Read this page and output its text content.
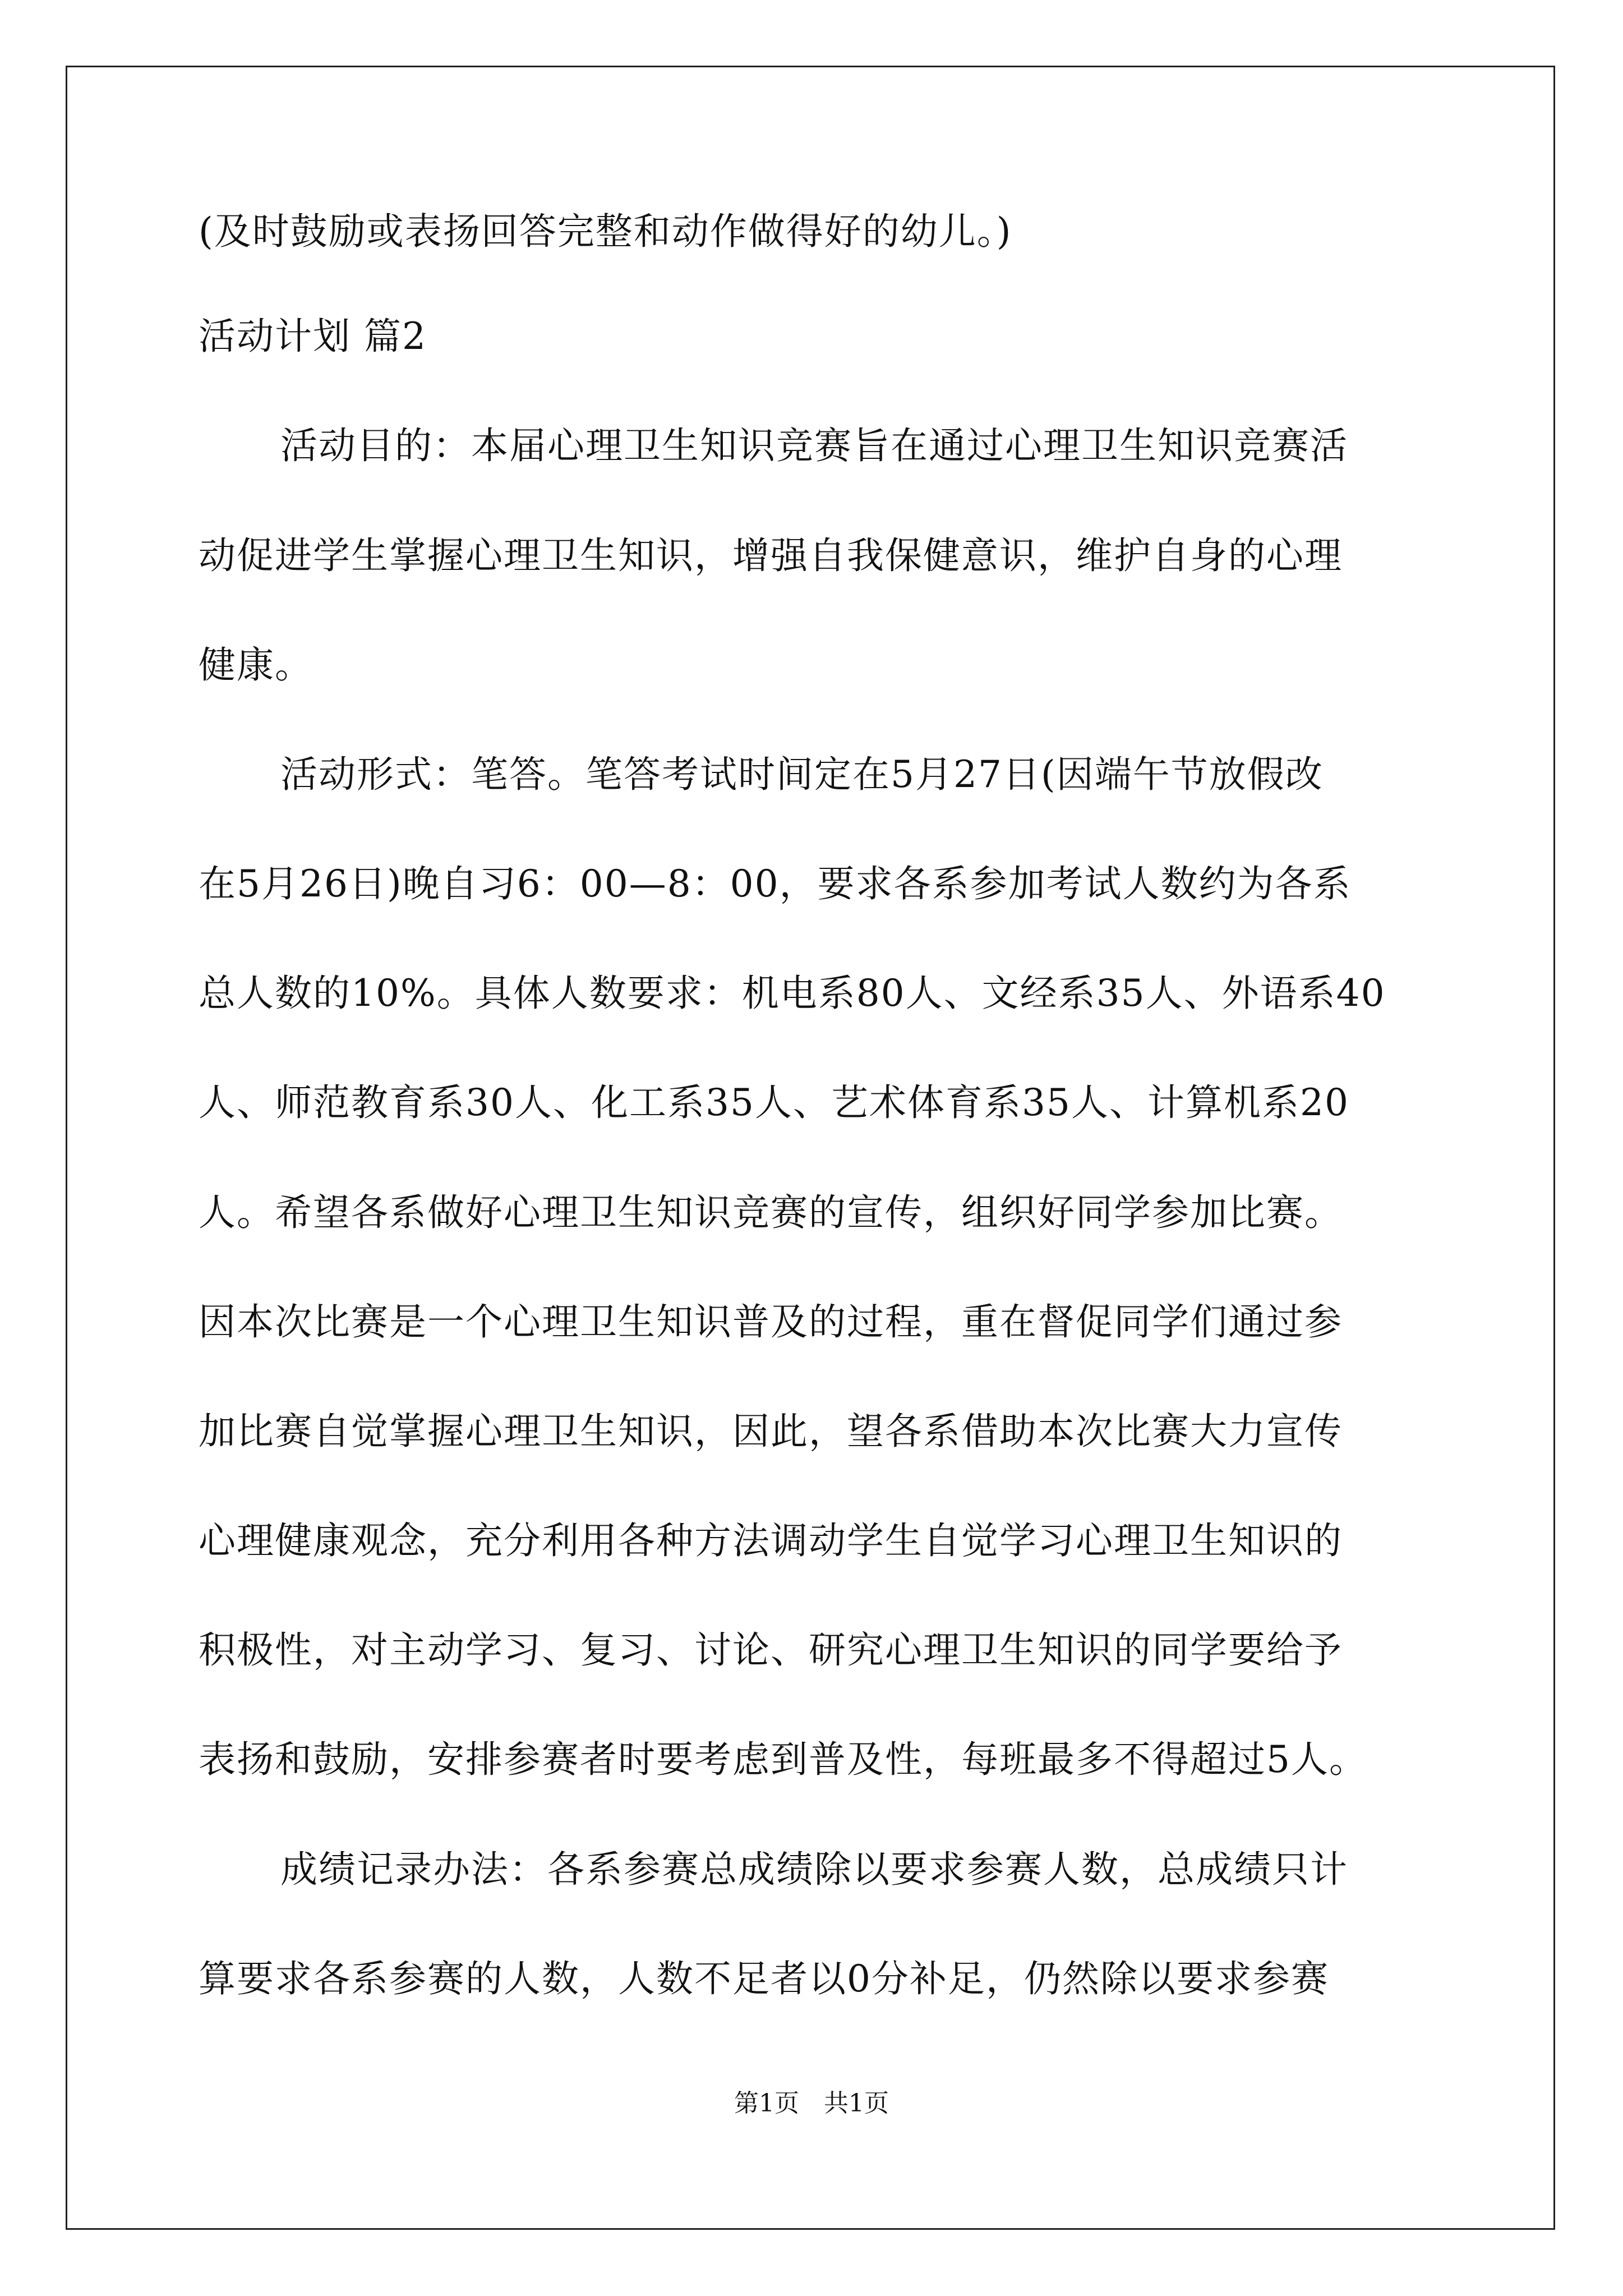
(及时鼓励或表扬回答完整和动作做得好的幼儿。)
活动计划 篇2
活动目的：本届心理卫生知识竞赛旨在通过心理卫生知识竞赛活
动促进学生掌握心理卫生知识，增强自我保健意识，维护自身的心理
健康。
活动形式：笔答。笔答考试时间定在5月27日(因端午节放假改
在5月26日)晚自习6：00—8：00，要求各系参加考试人数约为各系
总人数的10%。具体人数要求：机电系80人、文经系35人、外语系40
人、师范教育系30人、化工系35人、艺术体育系35人、计算机系20
人。希望各系做好心理卫生知识竞赛的宣传，组织好同学参加比赛。
因本次比赛是一个心理卫生知识普及的过程，重在督促同学们通过参
加比赛自觉掌握心理卫生知识，因此，望各系借助本次比赛大力宣传
心理健康观念，充分利用各种方法调动学生自觉学习心理卫生知识的
积极性，对主动学习、复习、讨论、研究心理卫生知识的同学要给予
表扬和鼓励，安排参赛者时要考虑到普及性，每班最多不得超过5人。
成绩记录办法：各系参赛总成绩除以要求参赛人数，总成绩只计
算要求各系参赛的人数，人数不足者以0分补足，仍然除以要求参赛
第1页　共1页
